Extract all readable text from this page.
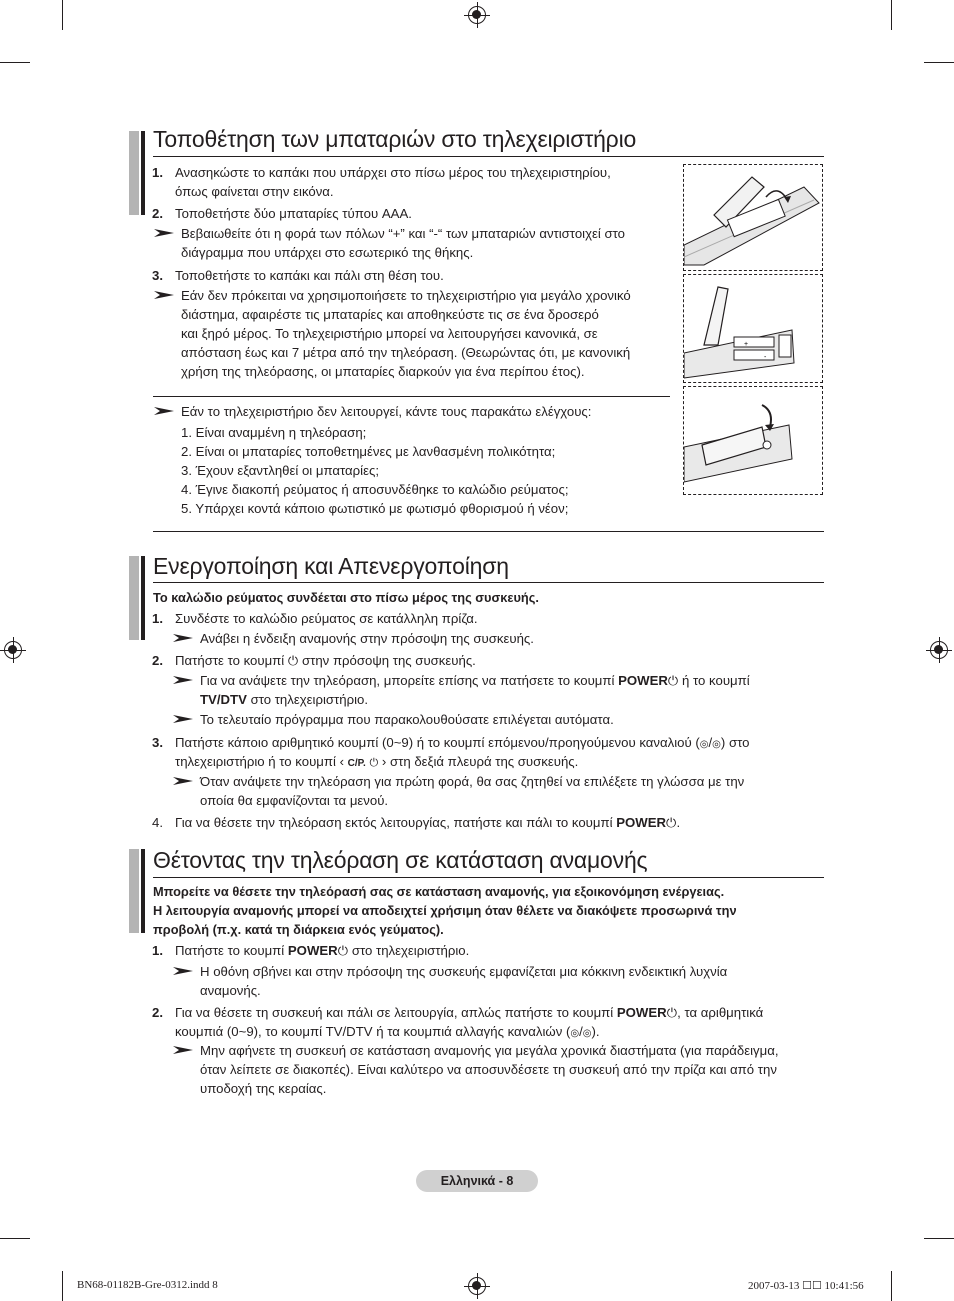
Τοποθέτηση των μπαταριών στο τηλεχειριστήριο
1. Ανασηκώστε το καπάκι που υπάρχει στο πίσω μέρος του τηλεχειριστηρίου,
όπως φαίνεται στην εικόνα.
2. Τοποθετήστε δύο μπαταρίες τύπου AAA.
Βεβαιωθείτε ότι η φορά των πόλων “+” και “-“ των μπαταριών αντιστοιχεί στο
διάγραμμα που υπάρχει στο εσωτερικό της θήκης.
3. Τοποθετήστε το καπάκι και πάλι στη θέση του.
Εάν δεν πρόκειται να χρησιμοποιήσετε το τηλεχειριστήριο για μεγάλο χρονικό
διάστημα, αφαιρέστε τις μπαταρίες και αποθηκεύστε τις σε ένα δροσερό
και ξηρό μέρος. Το τηλεχειριστήριο μπορεί να λειτουργήσει κανονικά, σε
απόσταση έως και 7 μέτρα από την τηλεόραση. (Θεωρώντας ότι, με κανονική
χρήση της τηλεόρασης, οι μπαταρίες διαρκούν για ένα περίπου έτος).
Εάν το τηλεχειριστήριο δεν λειτουργεί, κάντε τους παρακάτω ελέγχους:
1. Είναι αναμμένη η τηλεόραση;
2. Είναι οι μπαταρίες τοποθετημένες με λανθασμένη πολικότητα;
3. Έχουν εξαντληθεί οι μπαταρίες;
4. Έγινε διακοπή ρεύματος ή αποσυνδέθηκε το καλώδιο ρεύματος;
5. Υπάρχει κοντά κάποιο φωτιστικό με φωτισμό φθορισμού ή νέον;
+
-
Ενεργοποίηση και Απενεργοποίηση
Το καλώδιο ρεύματος συνδέεται στο πίσω μέρος της συσκευής.
1. Συνδέστε το καλώδιο ρεύματος σε κατάλληλη πρίζα.
Ανάβει η ένδειξη αναμονής στην πρόσοψη της συσκευής.
2. Πατήστε το κουμπί ⏻ στην πρόσοψη της συσκευής.
Για να ανάψετε την τηλεόραση, μπορείτε επίσης να πατήσετε το κουμπί POWER⏻ ή το κουμπί
TV/DTV στο τηλεχειριστήριο.
Το τελευταίο πρόγραμμα που παρακολουθούσατε επιλέγεται αυτόματα.
3. Πατήστε κάποιο αριθμητικό κουμπί (0~9) ή το κουμπί επόμενου/προηγούμενου καναλιού (◎/◎) στο
τηλεχειριστήριο ή το κουμπί ‹ C/P. ⏻ › στη δεξιά πλευρά της συσκευής.
Όταν ανάψετε την τηλεόραση για πρώτη φορά, θα σας ζητηθεί να επιλέξετε τη γλώσσα με την
οποία θα εμφανίζονται τα μενού.
4. Για να θέσετε την τηλεόραση εκτός λειτουργίας, πατήστε και πάλι το κουμπί POWER⏻.
Θέτοντας την τηλεόραση σε κατάσταση αναμονής
Μπορείτε να θέσετε την τηλεόρασή σας σε κατάσταση αναμονής, για εξοικονόμηση ενέργειας.
Η λειτουργία αναμονής μπορεί να αποδειχτεί χρήσιμη όταν θέλετε να διακόψετε προσωρινά την
προβολή (π.χ. κατά τη διάρκεια ενός γεύματος).
1. Πατήστε το κουμπί POWER⏻ στο τηλεχειριστήριο.
Η οθόνη σβήνει και στην πρόσοψη της συσκευής εμφανίζεται μια κόκκινη ενδεικτική λυχνία
αναμονής.
2. Για να θέσετε τη συσκευή και πάλι σε λειτουργία, απλώς πατήστε το κουμπί POWER⏻, τα αριθμητικά
κουμπιά (0~9), το κουμπί TV/DTV ή τα κουμπιά αλλαγής καναλιών (◎/◎).
Μην αφήνετε τη συσκευή σε κατάσταση αναμονής για μεγάλα χρονικά διαστήματα (για παράδειγμα,
όταν λείπετε σε διακοπές). Είναι καλύτερο να αποσυνδέσετε τη συσκευή από την πρίζα και από την
υποδοχή της κεραίας.
Ελληνικά - 8
BN68-01182B-Gre-0312.indd 8	2007-03-13 ☐☐ 10:41:56
